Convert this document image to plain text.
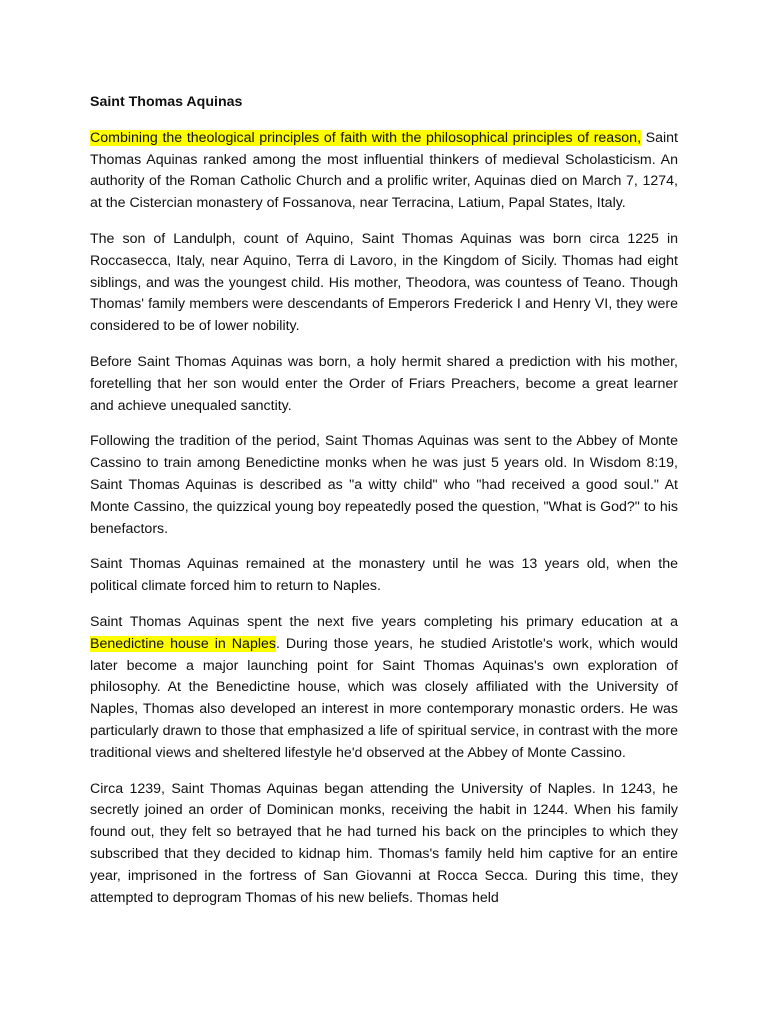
Saint Thomas Aquinas

Combining the theological principles of faith with the philosophical principles of reason, Saint Thomas Aquinas ranked among the most influential thinkers of medieval Scholasticism. An authority of the Roman Catholic Church and a prolific writer, Aquinas died on March 7, 1274, at the Cistercian monastery of Fossanova, near Terracina, Latium, Papal States, Italy.

The son of Landulph, count of Aquino, Saint Thomas Aquinas was born circa 1225 in Roccasecca, Italy, near Aquino, Terra di Lavoro, in the Kingdom of Sicily. Thomas had eight siblings, and was the youngest child. His mother, Theodora, was countess of Teano. Though Thomas' family members were descendants of Emperors Frederick I and Henry VI, they were considered to be of lower nobility.

Before Saint Thomas Aquinas was born, a holy hermit shared a prediction with his mother, foretelling that her son would enter the Order of Friars Preachers, become a great learner and achieve unequaled sanctity.

Following the tradition of the period, Saint Thomas Aquinas was sent to the Abbey of Monte Cassino to train among Benedictine monks when he was just 5 years old. In Wisdom 8:19, Saint Thomas Aquinas is described as "a witty child" who "had received a good soul." At Monte Cassino, the quizzical young boy repeatedly posed the question, "What is God?" to his benefactors.

Saint Thomas Aquinas remained at the monastery until he was 13 years old, when the political climate forced him to return to Naples.

Saint Thomas Aquinas spent the next five years completing his primary education at a Benedictine house in Naples. During those years, he studied Aristotle's work, which would later become a major launching point for Saint Thomas Aquinas's own exploration of philosophy. At the Benedictine house, which was closely affiliated with the University of Naples, Thomas also developed an interest in more contemporary monastic orders. He was particularly drawn to those that emphasized a life of spiritual service, in contrast with the more traditional views and sheltered lifestyle he'd observed at the Abbey of Monte Cassino.

Circa 1239, Saint Thomas Aquinas began attending the University of Naples. In 1243, he secretly joined an order of Dominican monks, receiving the habit in 1244. When his family found out, they felt so betrayed that he had turned his back on the principles to which they subscribed that they decided to kidnap him. Thomas's family held him captive for an entire year, imprisoned in the fortress of San Giovanni at Rocca Secca. During this time, they attempted to deprogram Thomas of his new beliefs. Thomas held
